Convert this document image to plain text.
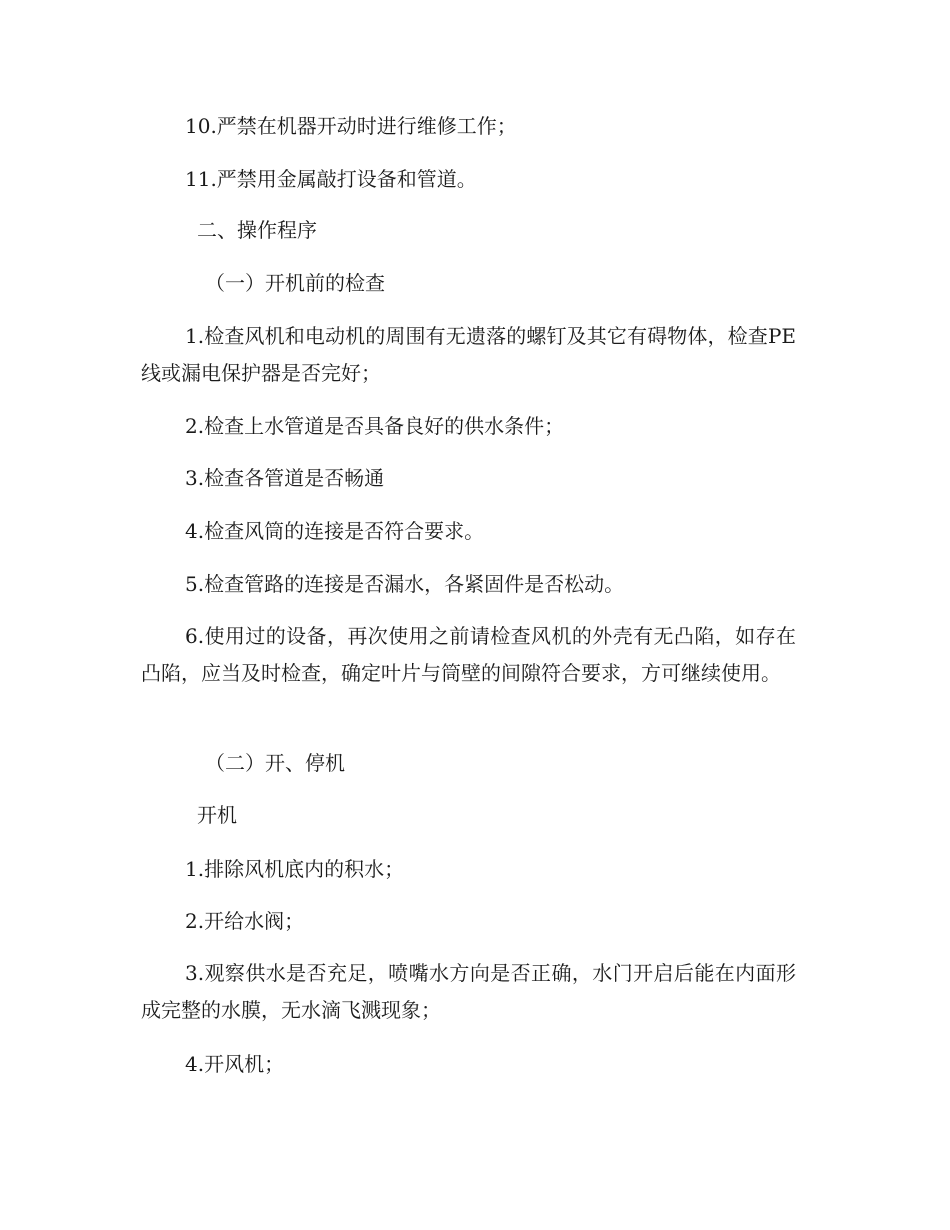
10.严禁在机器开动时进行维修工作；

11.严禁用金属敲打设备和管道。

二、操作程序

（一）开机前的检查

1.检查风机和电动机的周围有无遗落的螺钉及其它有碍物体，检查PE线或漏电保护器是否完好；

2.检查上水管道是否具备良好的供水条件；

3.检查各管道是否畅通

4.检查风筒的连接是否符合要求。

5.检查管路的连接是否漏水，各紧固件是否松动。

6.使用过的设备，再次使用之前请检查风机的外壳有无凸陷，如存在凸陷，应当及时检查，确定叶片与筒壁的间隙符合要求，方可继续使用。

（二）开、停机

开机

1.排除风机底内的积水；

2.开给水阀；

3.观察供水是否充足，喷嘴水方向是否正确，水门开启后能在内面形成完整的水膜，无水滴飞溅现象；

4.开风机；
